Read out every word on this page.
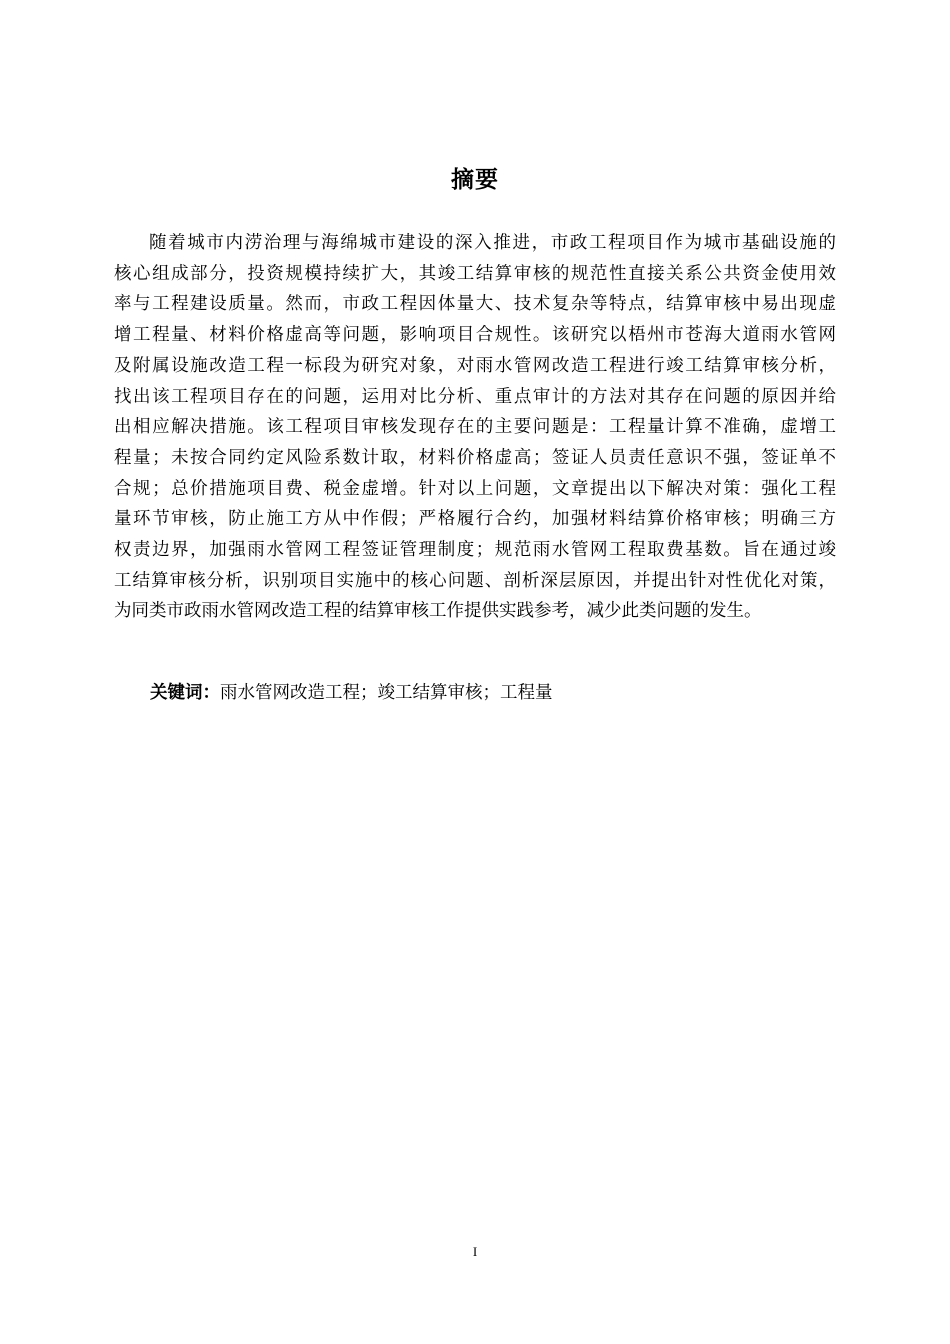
摘要
随着城市内涝治理与海绵城市建设的深入推进，市政工程项目作为城市基础设施的
核心组成部分，投资规模持续扩大，其竣工结算审核的规范性直接关系公共资金使用效
率与工程建设质量。然而，市政工程因体量大、技术复杂等特点，结算审核中易出现虚
增工程量、材料价格虚高等问题，影响项目合规性。该研究以梧州市苍海大道雨水管网
及附属设施改造工程一标段为研究对象，对雨水管网改造工程进行竣工结算审核分析，
找出该工程项目存在的问题，运用对比分析、重点审计的方法对其存在问题的原因并给
出相应解决措施。该工程项目审核发现存在的主要问题是：工程量计算不准确，虚增工
程量；未按合同约定风险系数计取，材料价格虚高；签证人员责任意识不强，签证单不
合规；总价措施项目费、税金虚增。针对以上问题，文章提出以下解决对策：强化工程
量环节审核，防止施工方从中作假；严格履行合约，加强材料结算价格审核；明确三方
权责边界，加强雨水管网工程签证管理制度；规范雨水管网工程取费基数。旨在通过竣
工结算审核分析，识别项目实施中的核心问题、剖析深层原因，并提出针对性优化对策，
为同类市政雨水管网改造工程的结算审核工作提供实践参考，减少此类问题的发生。
关键词：雨水管网改造工程；竣工结算审核；工程量
I
